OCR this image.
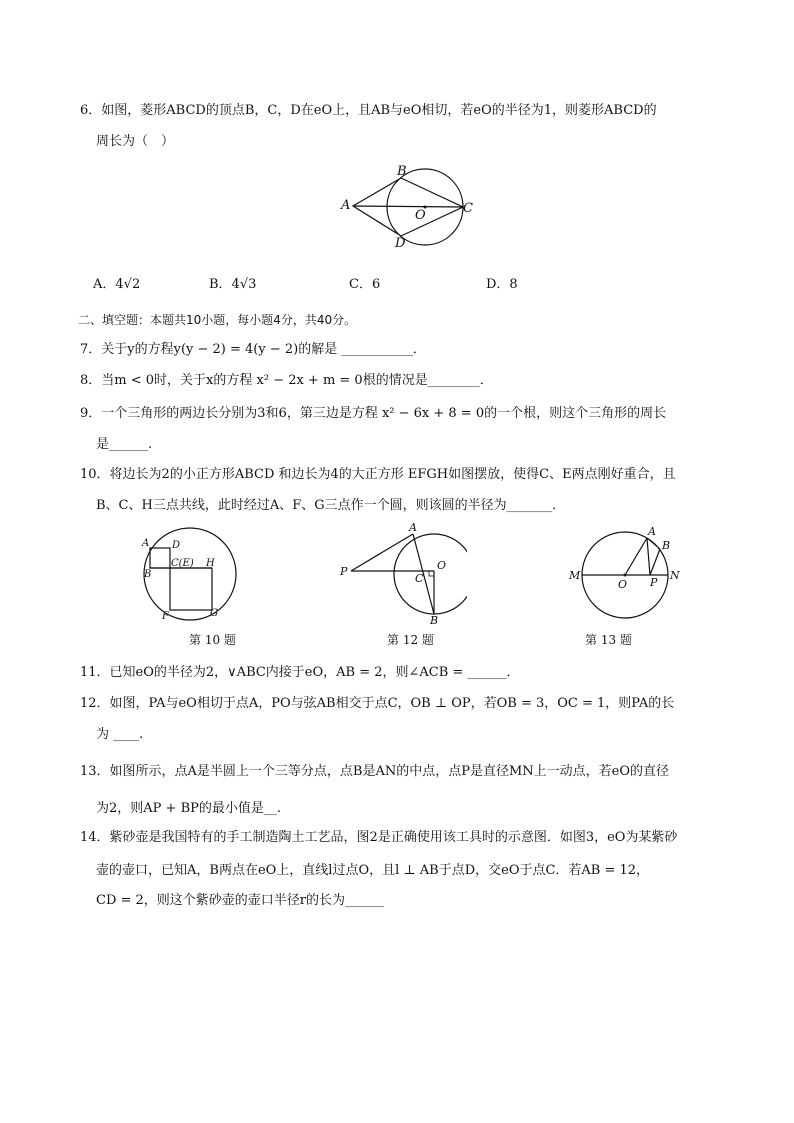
6．如图，菱形ABCD的顶点B，C，D在eO上，且AB与eO相切，若eO的半径为1，则菱形ABCD的
周长为（　）
A
B
C
D
O
A．4√2	B．4√3	C．6	D．8
二、填空题：本题共10小题，每小题4分，共40分。
7．关于y的方程y(y − 2) = 4(y − 2)的解是 ___________．
8．当m < 0时，关于x的方程 x² − 2x + m = 0根的情况是________．
9．一个三角形的两边长分别为3和6，第三边是方程 x² − 6x + 8 = 0的一个根，则这个三角形的周长
是______.
10．将边长为2的小正方形ABCD 和边长为4的大正方形 EFGH如图摆放，使得C、E两点刚好重合，且
B、C、H三点共线，此时经过A、F、G三点作一个圆，则该圆的半径为_______．
A D
C(E) H
B
F	G
第 10 题
A
P
C
O
B
第 12 题
A
B
M
O P
N
第 13 题
11．已知eO的半径为2，∨ABC内接于eO，AB = 2，则∠ACB = ______．
12．如图，PA与eO相切于点A，PO与弦AB相交于点C，OB ⊥ OP，若OB = 3，OC = 1，则PA的长
为 ____.
13．如图所示，点A是半圆上一个三等分点，点B是AN的中点，点P是直径MN上一动点，若eO的直径
为2，则AP + BP的最小值是__.
14．紫砂壶是我国特有的手工制造陶土工艺品，图2是正确使用该工具时的示意图．如图3，eO为某紫砂
壶的壶口，已知A，B两点在eO上，直线l过点O，且l ⊥ AB于点D，交eO于点C．若AB = 12，
CD = 2，则这个紫砂壶的壶口半径r的长为______
